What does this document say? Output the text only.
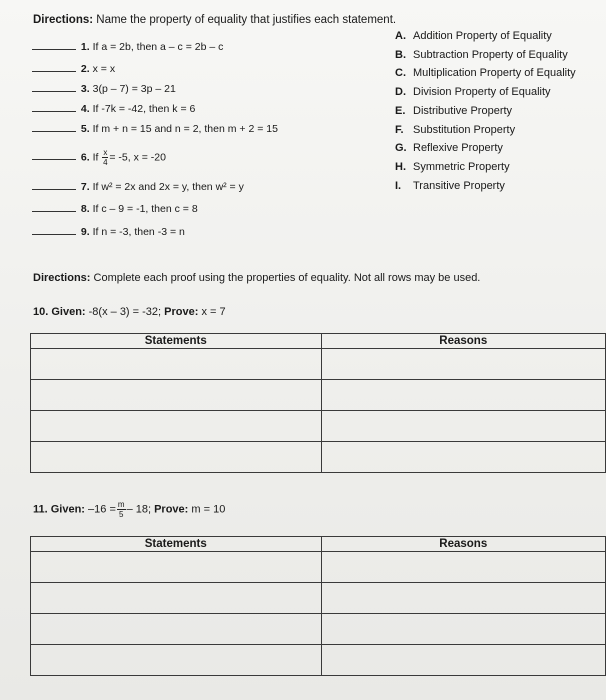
Directions: Name the property of equality that justifies each statement.
1. If a = 2b, then a – c = 2b – c
2. x = x
3. 3(p – 7) = 3p – 21
4. If -7k = -42, then k = 6
5. If m + n = 15 and n = 2, then m + 2 = 15
6. If $\frac{x}{4} = -5$, x = -20
7. If w² = 2x and 2x = y, then w² = y
8. If c – 9 = -1, then c = 8
9. If n = -3, then -3 = n
A. Addition Property of Equality
B. Subtraction Property of Equality
C. Multiplication Property of Equality
D. Division Property of Equality
E. Distributive Property
F. Substitution Property
G. Reflexive Property
H. Symmetric Property
I. Transitive Property
Directions: Complete each proof using the properties of equality. Not all rows may be used.
10. Given: -8(x – 3) = -32; Prove: x = 7
Statements	Reasons

11. Given: $-16 = \frac{m}{5} - 18$; Prove: m = 10
Statements	Reasons
